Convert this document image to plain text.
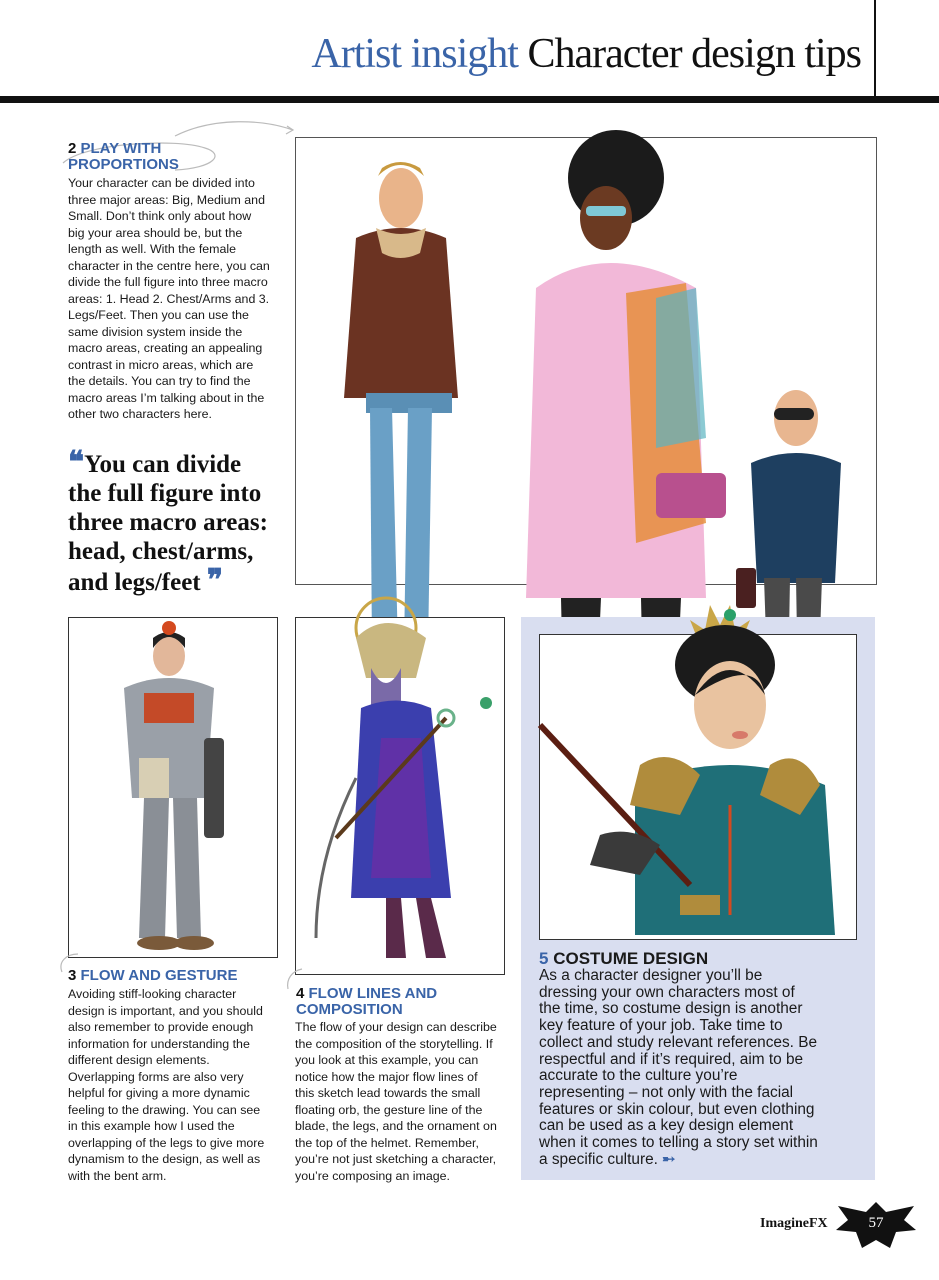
Artist insight Character design tips
2 PLAY WITH
PROPORTIONS
Your character can be divided into
three major areas: Big, Medium and
Small. Don’t think only about how
big your area should be, but the
length as well. With the female
character in the centre here, you can
divide the full figure into three macro
areas: 1. Head 2. Chest/Arms and 3.
Legs/Feet. Then you can use the
same division system inside the
macro areas, creating an appealing
contrast in micro areas, which are
the details. You can try to find the
macro areas I’m talking about in the
other two characters here.
❝You can divide
the full figure into
three macro areas:
head, chest/arms,
and legs/feet ❞
3 FLOW AND GESTURE
Avoiding stiff-looking character
design is important, and you should
also remember to provide enough
information for understanding the
different design elements.
Overlapping forms are also very
helpful for giving a more dynamic
feeling to the drawing. You can see
in this example how I used the
overlapping of the legs to give more
dynamism to the design, as well as
with the bent arm.
4 FLOW LINES AND
COMPOSITION
The flow of your design can describe
the composition of the storytelling. If
you look at this example, you can
notice how the major flow lines of
this sketch lead towards the small
floating orb, the gesture line of the
blade, the legs, and the ornament on
the top of the helmet. Remember,
you’re not just sketching a character,
you’re composing an image.
5 COSTUME DESIGN
As a character designer you’ll be
dressing your own characters most of
the time, so costume design is another
key feature of your job. Take time to
collect and study relevant references. Be
respectful and if it’s required, aim to be
accurate to the culture you’re
representing – not only with the facial
features or skin colour, but even clothing
can be used as a key design element
when it comes to telling a story set within
a specific culture. ➸
ImagineFX	57
